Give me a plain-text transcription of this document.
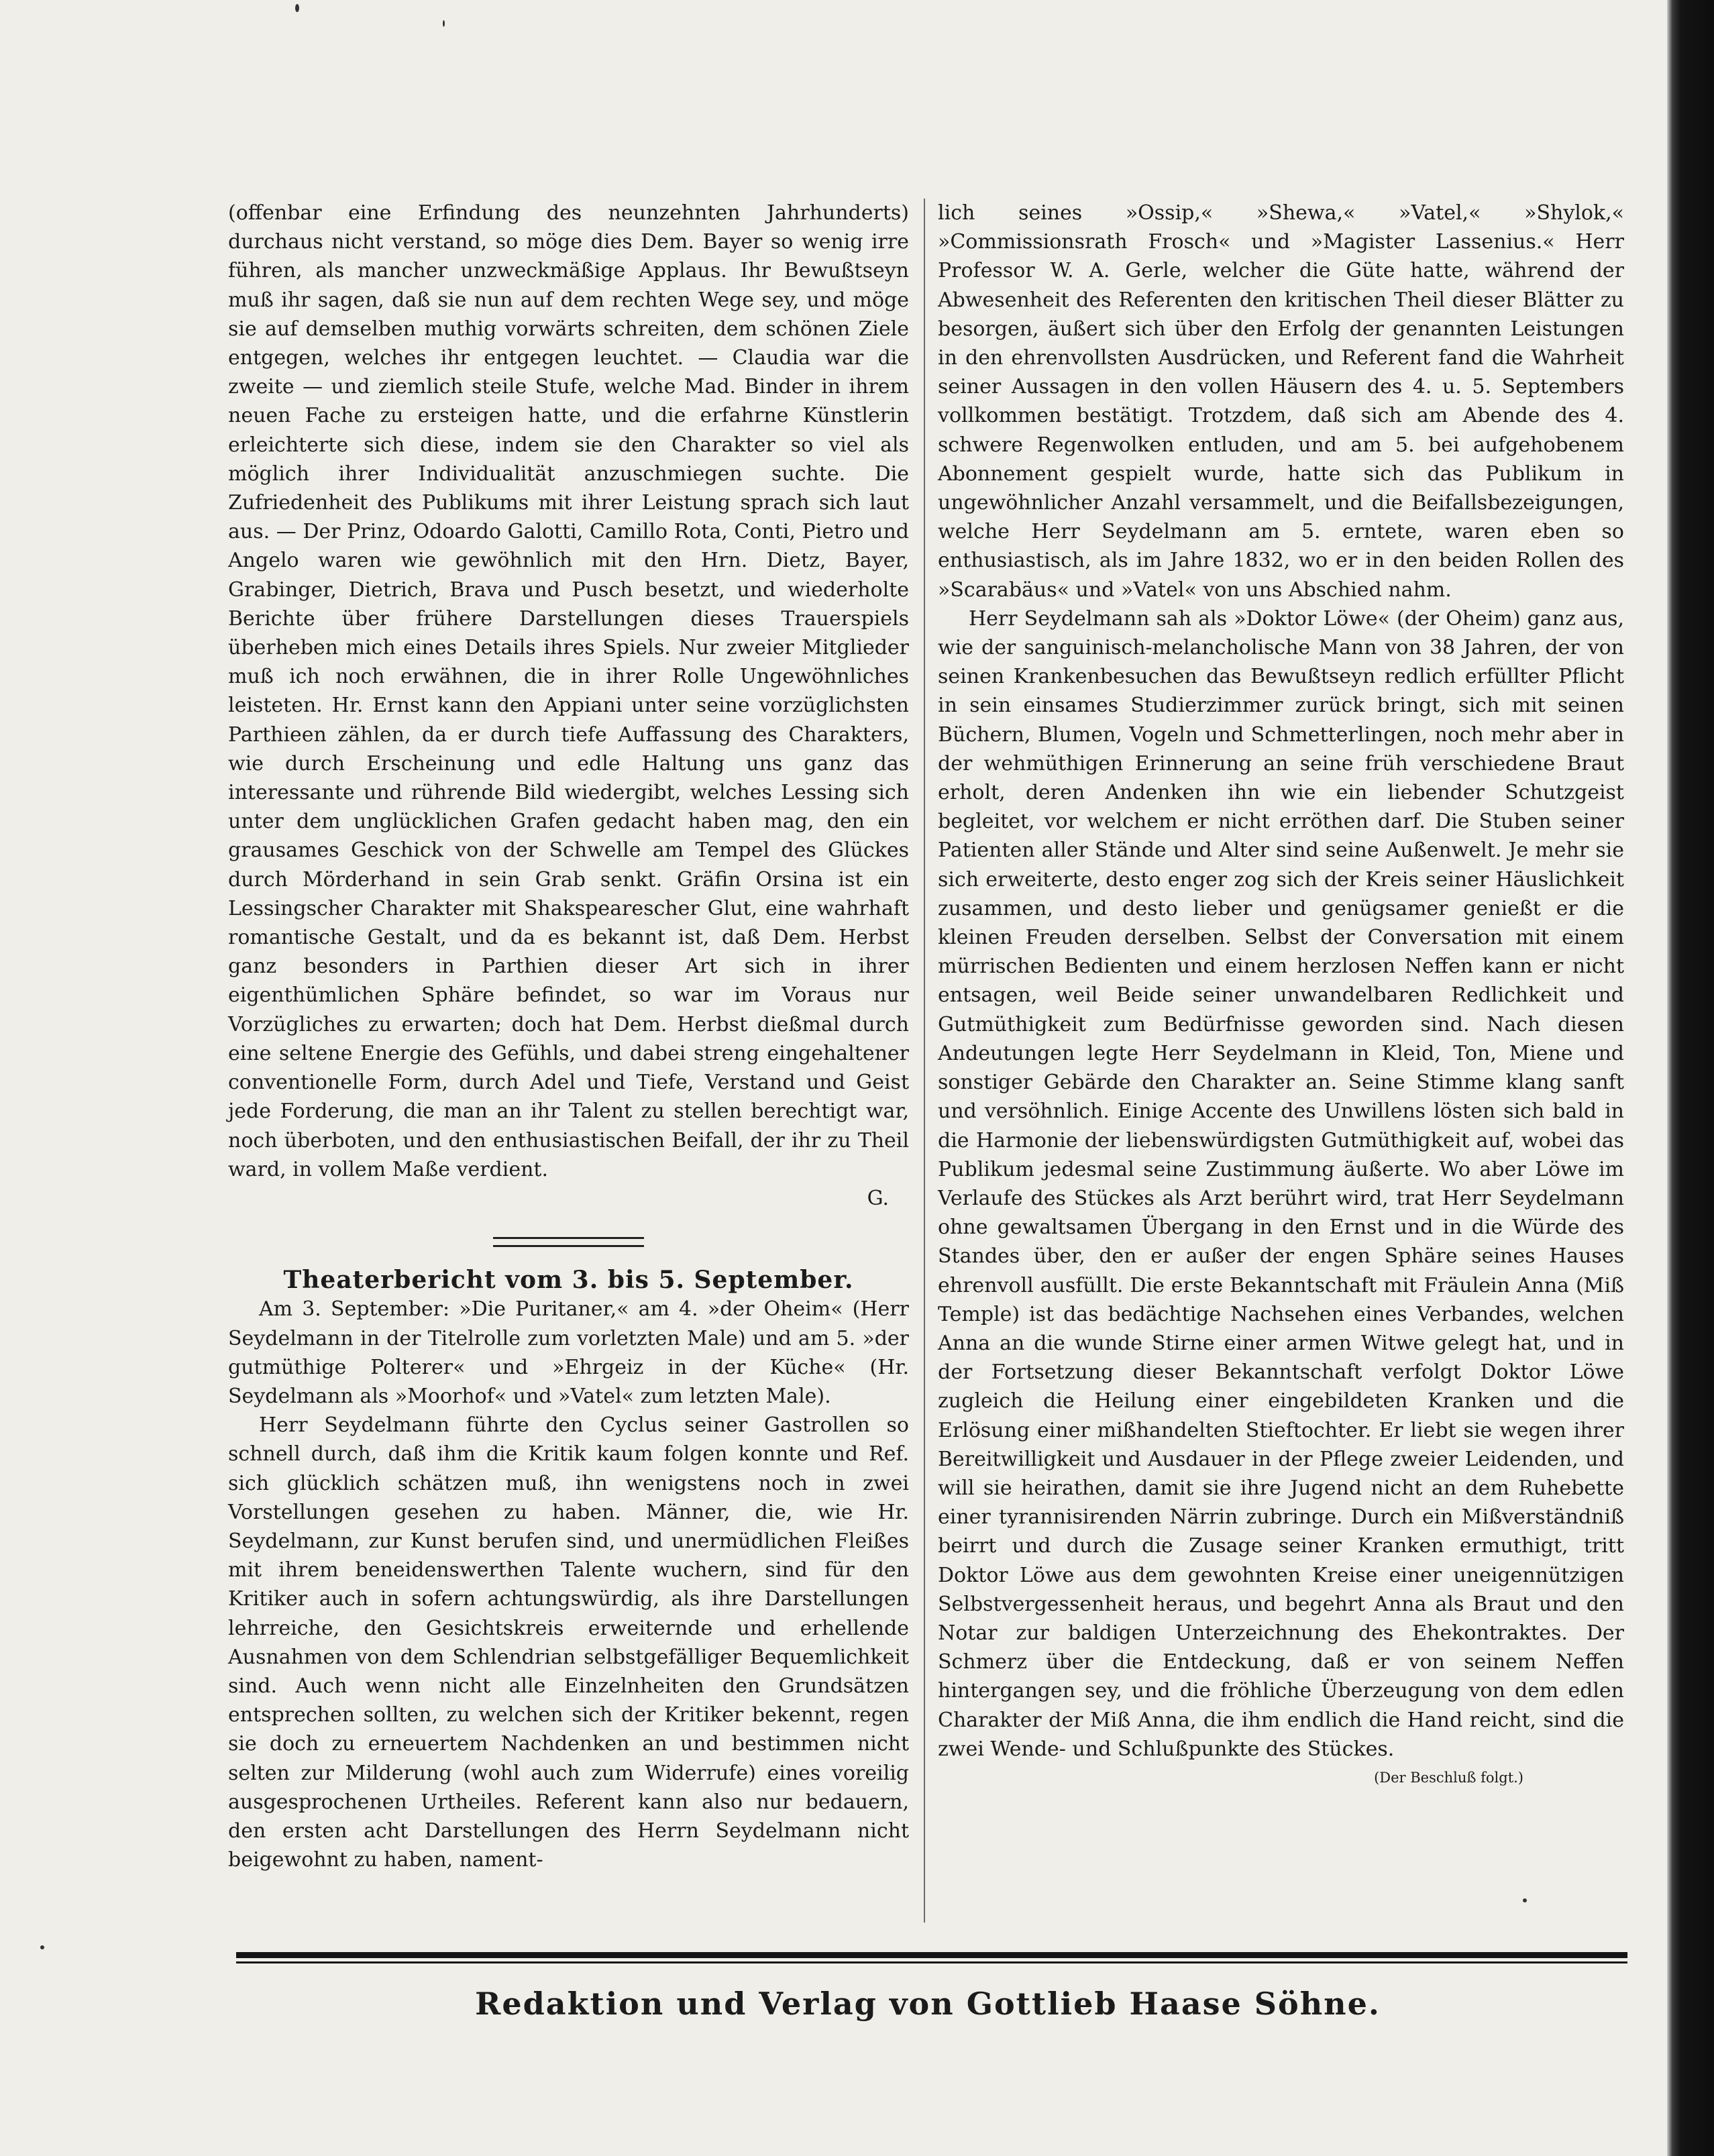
(offenbar eine Erfindung des neunzehnten Jahrhunderts) durchaus nicht verstand, so möge dies Dem. Bayer so wenig irre führen, als mancher unzweckmäßige Applaus. Ihr Bewußtseyn muß ihr sagen, daß sie nun auf dem rechten Wege sey, und möge sie auf demselben muthig vorwärts schreiten, dem schönen Ziele entgegen, welches ihr entgegen leuchtet. — Claudia war die zweite — und ziemlich steile Stufe, welche Mad. Binder in ihrem neuen Fache zu ersteigen hatte, und die erfahrne Künstlerin erleichterte sich diese, indem sie den Charakter so viel als möglich ihrer Individualität anzuschmiegen suchte. Die Zufriedenheit des Publikums mit ihrer Leistung sprach sich laut aus. — Der Prinz, Odoardo Galotti, Camillo Rota, Conti, Pietro und Angelo waren wie gewöhnlich mit den Hrn. Dietz, Bayer, Grabinger, Dietrich, Brava und Pusch besetzt, und wiederholte Berichte über frühere Darstellungen dieses Trauerspiels überheben mich eines Details ihres Spiels. Nur zweier Mitglieder muß ich noch erwähnen, die in ihrer Rolle Ungewöhnliches leisteten. Hr. Ernst kann den Appiani unter seine vorzüglichsten Parthieen zählen, da er durch tiefe Auffassung des Charakters, wie durch Erscheinung und edle Haltung uns ganz das interessante und rührende Bild wiedergibt, welches Lessing sich unter dem unglücklichen Grafen gedacht haben mag, den ein grausames Geschick von der Schwelle am Tempel des Glückes durch Mörderhand in sein Grab senkt. Gräfin Orsina ist ein Lessingscher Charakter mit Shakspearescher Glut, eine wahrhaft romantische Gestalt, und da es bekannt ist, daß Dem. Herbst ganz besonders in Parthien dieser Art sich in ihrer eigenthümlichen Sphäre befindet, so war im Voraus nur Vorzügliches zu erwarten; doch hat Dem. Herbst dießmal durch eine seltene Energie des Gefühls, und dabei streng eingehaltener conventionelle Form, durch Adel und Tiefe, Verstand und Geist jede Forderung, die man an ihr Talent zu stellen berechtigt war, noch überboten, und den enthusiastischen Beifall, der ihr zu Theil ward, in vollem Maße verdient.

G.

Theaterbericht vom 3. bis 5. September.

Am 3. September: »Die Puritaner,« am 4. »der Oheim« (Herr Seydelmann in der Titelrolle zum vorletzten Male) und am 5. »der gutmüthige Polterer« und »Ehrgeiz in der Küche« (Hr. Seydelmann als »Moorhof« und »Vatel« zum letzten Male).

Herr Seydelmann führte den Cyclus seiner Gastrollen so schnell durch, daß ihm die Kritik kaum folgen konnte und Ref. sich glücklich schätzen muß, ihn wenigstens noch in zwei Vorstellungen gesehen zu haben. Männer, die, wie Hr. Seydelmann, zur Kunst berufen sind, und unermüdlichen Fleißes mit ihrem beneidenswerthen Talente wuchern, sind für den Kritiker auch in sofern achtungswürdig, als ihre Darstellungen lehrreiche, den Gesichtskreis erweiternde und erhellende Ausnahmen von dem Schlendrian selbstgefälliger Bequemlichkeit sind. Auch wenn nicht alle Einzelnheiten den Grundsätzen entsprechen sollten, zu welchen sich der Kritiker bekennt, regen sie doch zu erneuertem Nachdenken an und bestimmen nicht selten zur Milderung (wohl auch zum Widerrufe) eines voreilig ausgesprochenen Urtheiles. Referent kann also nur bedauern, den ersten acht Darstellungen des Herrn Seydelmann nicht beigewohnt zu haben, nament-

lich seines »Ossip,« »Shewa,« »Vatel,« »Shylok,« »Commissionsrath Frosch« und »Magister Lassenius.« Herr Professor W. A. Gerle, welcher die Güte hatte, während der Abwesenheit des Referenten den kritischen Theil dieser Blätter zu besorgen, äußert sich über den Erfolg der genannten Leistungen in den ehrenvollsten Ausdrücken, und Referent fand die Wahrheit seiner Aussagen in den vollen Häusern des 4. u. 5. Septembers vollkommen bestätigt. Trotzdem, daß sich am Abende des 4. schwere Regenwolken entluden, und am 5. bei aufgehobenem Abonnement gespielt wurde, hatte sich das Publikum in ungewöhnlicher Anzahl versammelt, und die Beifallsbezeigungen, welche Herr Seydelmann am 5. erntete, waren eben so enthusiastisch, als im Jahre 1832, wo er in den beiden Rollen des »Scarabäus« und »Vatel« von uns Abschied nahm.

Herr Seydelmann sah als »Doktor Löwe« (der Oheim) ganz aus, wie der sanguinisch-melancholische Mann von 38 Jahren, der von seinen Krankenbesuchen das Bewußtseyn redlich erfüllter Pflicht in sein einsames Studierzimmer zurück bringt, sich mit seinen Büchern, Blumen, Vogeln und Schmetterlingen, noch mehr aber in der wehmüthigen Erinnerung an seine früh verschiedene Braut erholt, deren Andenken ihn wie ein liebender Schutzgeist begleitet, vor welchem er nicht erröthen darf. Die Stuben seiner Patienten aller Stände und Alter sind seine Außenwelt. Je mehr sie sich erweiterte, desto enger zog sich der Kreis seiner Häuslichkeit zusammen, und desto lieber und genügsamer genießt er die kleinen Freuden derselben. Selbst der Conversation mit einem mürrischen Bedienten und einem herzlosen Neffen kann er nicht entsagen, weil Beide seiner unwandelbaren Redlichkeit und Gutmüthigkeit zum Bedürfnisse geworden sind. Nach diesen Andeutungen legte Herr Seydelmann in Kleid, Ton, Miene und sonstiger Gebärde den Charakter an. Seine Stimme klang sanft und versöhnlich. Einige Accente des Unwillens lösten sich bald in die Harmonie der liebenswürdigsten Gutmüthigkeit auf, wobei das Publikum jedesmal seine Zustimmung äußerte. Wo aber Löwe im Verlaufe des Stückes als Arzt berührt wird, trat Herr Seydelmann ohne gewaltsamen Übergang in den Ernst und in die Würde des Standes über, den er außer der engen Sphäre seines Hauses ehrenvoll ausfüllt. Die erste Bekanntschaft mit Fräulein Anna (Miß Temple) ist das bedächtige Nachsehen eines Verbandes, welchen Anna an die wunde Stirne einer armen Witwe gelegt hat, und in der Fortsetzung dieser Bekanntschaft verfolgt Doktor Löwe zugleich die Heilung einer eingebildeten Kranken und die Erlösung einer mißhandelten Stieftochter. Er liebt sie wegen ihrer Bereitwilligkeit und Ausdauer in der Pflege zweier Leidenden, und will sie heirathen, damit sie ihre Jugend nicht an dem Ruhebette einer tyrannisirenden Närrin zubringe. Durch ein Mißverständniß beirrt und durch die Zusage seiner Kranken ermuthigt, tritt Doktor Löwe aus dem gewohnten Kreise einer uneigennützigen Selbstvergessenheit heraus, und begehrt Anna als Braut und den Notar zur baldigen Unterzeichnung des Ehekontraktes. Der Schmerz über die Entdeckung, daß er von seinem Neffen hintergangen sey, und die fröhliche Überzeugung von dem edlen Charakter der Miß Anna, die ihm endlich die Hand reicht, sind die zwei Wende- und Schlußpunkte des Stückes.

(Der Beschluß folgt.)

Redaktion und Verlag von Gottlieb Haase Söhne.
